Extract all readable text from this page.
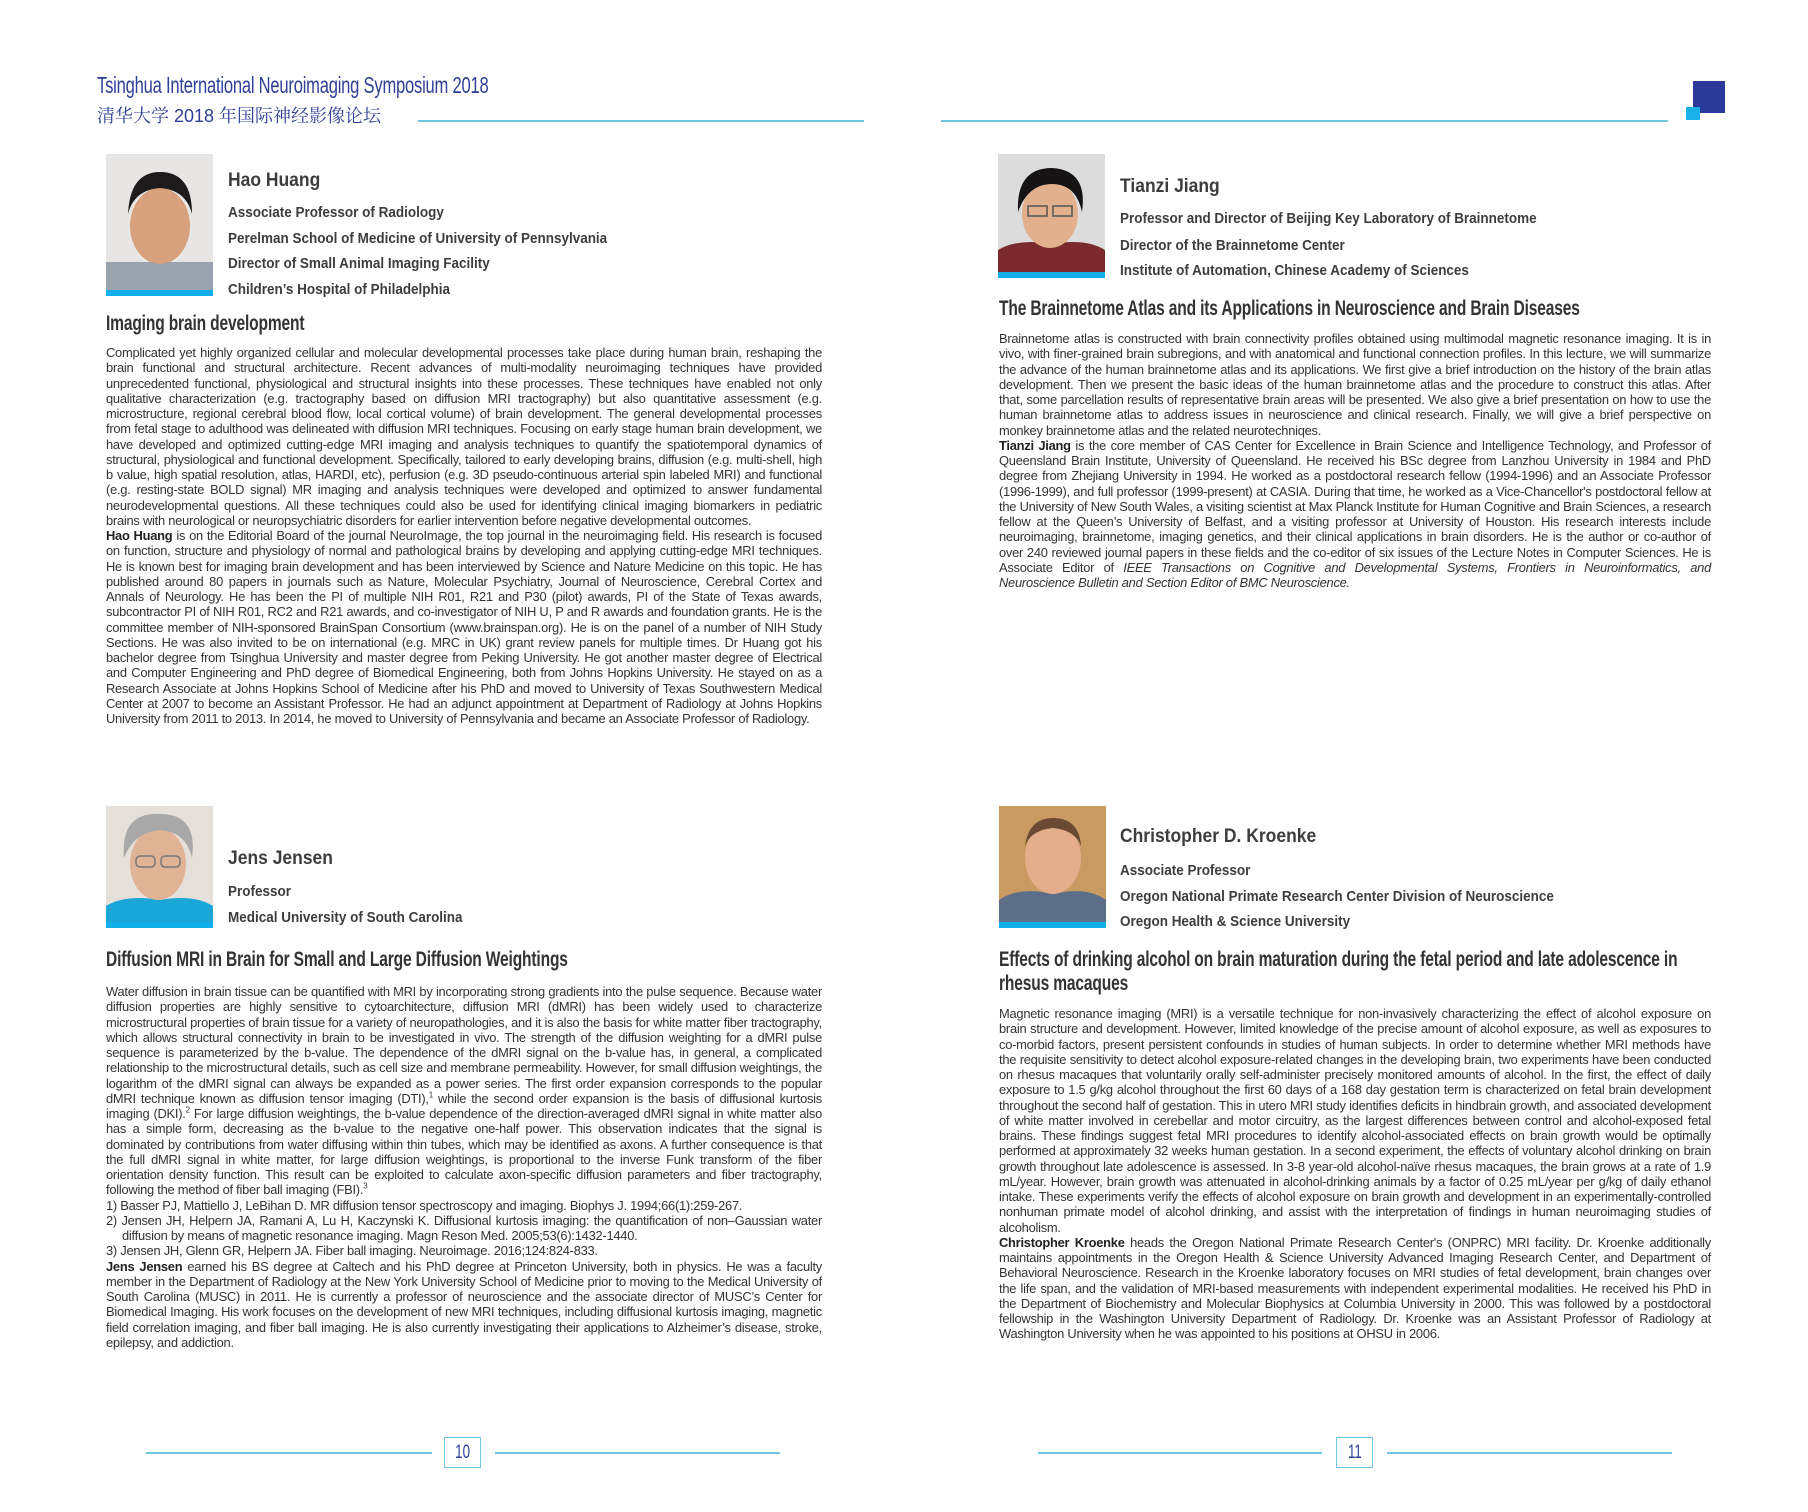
Tsinghua International Neuroimaging Symposium 2018
清华大学 2018 年国际神经影像论坛
Hao Huang
Associate Professor of Radiology
Perelman School of Medicine of University of Pennsylvania
Director of Small Animal Imaging Facility
Children’s Hospital of Philadelphia
Imaging brain development

Complicated yet highly organized cellular and molecular developmental processes take place during human brain, reshaping the brain functional and structural architecture. Recent advances of multi-modality neuroimaging techniques have provided unprecedented functional, physiological and structural insights into these processes. These techniques have enabled not only qualitative characterization (e.g. tractography based on diffusion MRI tractography) but also quantitative assessment (e.g. microstructure, regional cerebral blood flow, local cortical volume) of brain development. The general developmental processes from fetal stage to adulthood was delineated with diffusion MRI techniques. Focusing on early stage human brain development, we have developed and optimized cutting-edge MRI imaging and analysis techniques to quantify the spatiotemporal dynamics of structural, physiological and functional development. Specifically, tailored to early developing brains, diffusion (e.g. multi-shell, high b value, high spatial resolution, atlas, HARDI, etc), perfusion (e.g. 3D pseudo-continuous arterial spin labeled MRI) and functional (e.g. resting-state BOLD signal) MR imaging and analysis techniques were developed and optimized to answer fundamental neurodevelopmental questions. All these techniques could also be used for identifying clinical imaging biomarkers in pediatric brains with neurological or neuropsychiatric disorders for earlier intervention before negative developmental outcomes.

Hao Huang is on the Editorial Board of the journal NeuroImage, the top journal in the neuroimaging field. His research is focused on function, structure and physiology of normal and pathological brains by developing and applying cutting-edge MRI techniques. He is known best for imaging brain development and has been interviewed by Science and Nature Medicine on this topic. He has published around 80 papers in journals such as Nature, Molecular Psychiatry, Journal of Neuroscience, Cerebral Cortex and Annals of Neurology. He has been the PI of multiple NIH R01, R21 and P30 (pilot) awards, PI of the State of Texas awards, subcontractor PI of NIH R01, RC2 and R21 awards, and co-investigator of NIH U, P and R awards and foundation grants. He is the committee member of NIH-sponsored BrainSpan Consortium (www.brainspan.org). He is on the panel of a number of NIH Study Sections. He was also invited to be on international (e.g. MRC in UK) grant review panels for multiple times. Dr Huang got his bachelor degree from Tsinghua University and master degree from Peking University. He got another master degree of Electrical and Computer Engineering and PhD degree of Biomedical Engineering, both from Johns Hopkins University. He stayed on as a Research Associate at Johns Hopkins School of Medicine after his PhD and moved to University of Texas Southwestern Medical Center at 2007 to become an Assistant Professor. He had an adjunct appointment at Department of Radiology at Johns Hopkins University from 2011 to 2013. In 2014, he moved to University of Pennsylvania and became an Associate Professor of Radiology.

Tianzi Jiang
Professor and Director of Beijing Key Laboratory of Brainnetome
Director of the Brainnetome Center
Institute of Automation, Chinese Academy of Sciences
The Brainnetome Atlas and its Applications in Neuroscience and Brain Diseases

Brainnetome atlas is constructed with brain connectivity profiles obtained using multimodal magnetic resonance imaging. It is in vivo, with finer-grained brain subregions, and with anatomical and functional connection profiles. In this lecture, we will summarize the advance of the human brainnetome atlas and its applications. We first give a brief introduction on the history of the brain atlas development. Then we present the basic ideas of the human brainnetome atlas and the procedure to construct this atlas. After that, some parcellation results of representative brain areas will be presented. We also give a brief presentation on how to use the human brainnetome atlas to address issues in neuroscience and clinical research. Finally, we will give a brief perspective on monkey brainnetome atlas and the related neurotechniqes.

Tianzi Jiang is the core member of CAS Center for Excellence in Brain Science and Intelligence Technology, and Professor of Queensland Brain Institute, University of Queensland. He received his BSc degree from Lanzhou University in 1984 and PhD degree from Zhejiang University in 1994. He worked as a postdoctoral research fellow (1994-1996) and an Associate Professor (1996-1999), and full professor (1999-present) at CASIA. During that time, he worked as a Vice-Chancellor's postdoctoral fellow at the University of New South Wales, a visiting scientist at Max Planck Institute for Human Cognitive and Brain Sciences, a research fellow at the Queen’s University of Belfast, and a visiting professor at University of Houston. His research interests include neuroimaging, brainnetome, imaging genetics, and their clinical applications in brain disorders. He is the author or co-author of over 240 reviewed journal papers in these fields and the co-editor of six issues of the Lecture Notes in Computer Sciences. He is Associate Editor of IEEE Transactions on Cognitive and Developmental Systems, Frontiers in Neuroinformatics, and Neuroscience Bulletin and Section Editor of BMC Neuroscience.

Jens Jensen
Professor
Medical University of South Carolina
Diffusion MRI in Brain for Small and Large Diffusion Weightings

Water diffusion in brain tissue can be quantified with MRI by incorporating strong gradients into the pulse sequence. Because water diffusion properties are highly sensitive to cytoarchitecture, diffusion MRI (dMRI) has been widely used to characterize microstructural properties of brain tissue for a variety of neuropathologies, and it is also the basis for white matter fiber tractography, which allows structural connectivity in brain to be investigated in vivo. The strength of the diffusion weighting for a dMRI pulse sequence is parameterized by the b-value. The dependence of the dMRI signal on the b-value has, in general, a complicated relationship to the microstructural details, such as cell size and membrane permeability. However, for small diffusion weightings, the logarithm of the dMRI signal can always be expanded as a power series. The first order expansion corresponds to the popular dMRI technique known as diffusion tensor imaging (DTI),$^1$ while the second order expansion is the basis of diffusional kurtosis imaging (DKI).$^2$ For large diffusion weightings, the b-value dependence of the direction-averaged dMRI signal in white matter also has a simple form, decreasing as the b-value to the negative one-half power. This observation indicates that the signal is dominated by contributions from water diffusing within thin tubes, which may be identified as axons. A further consequence is that the full dMRI signal in white matter, for large diffusion weightings, is proportional to the inverse Funk transform of the fiber orientation density function. This result can be exploited to calculate axon-specific diffusion parameters and fiber tractography, following the method of fiber ball imaging (FBI).$^3$

1) Basser PJ, Mattiello J, LeBihan D. MR diffusion tensor spectroscopy and imaging. Biophys J. 1994;66(1):259-267.

2) Jensen JH, Helpern JA, Ramani A, Lu H, Kaczynski K. Diffusional kurtosis imaging: the quantification of non‒Gaussian water diffusion by means of magnetic resonance imaging. Magn Reson Med. 2005;53(6):1432-1440.

3) Jensen JH, Glenn GR, Helpern JA. Fiber ball imaging. Neuroimage. 2016;124:824-833.

Jens Jensen earned his BS degree at Caltech and his PhD degree at Princeton University, both in physics. He was a faculty member in the Department of Radiology at the New York University School of Medicine prior to moving to the Medical University of South Carolina (MUSC) in 2011. He is currently a professor of neuroscience and the associate director of MUSC’s Center for Biomedical Imaging. His work focuses on the development of new MRI techniques, including diffusional kurtosis imaging, magnetic field correlation imaging, and fiber ball imaging. He is also currently investigating their applications to Alzheimer’s disease, stroke, epilepsy, and addiction.

Christopher D. Kroenke
Associate Professor
Oregon National Primate Research Center Division of Neuroscience
Oregon Health & Science University
Effects of drinking alcohol on brain maturation during the fetal period and late adolescence in rhesus macaques

Magnetic resonance imaging (MRI) is a versatile technique for non-invasively characterizing the effect of alcohol exposure on brain structure and development. However, limited knowledge of the precise amount of alcohol exposure, as well as exposures to co-morbid factors, present persistent confounds in studies of human subjects. In order to determine whether MRI methods have the requisite sensitivity to detect alcohol exposure-related changes in the developing brain, two experiments have been conducted on rhesus macaques that voluntarily orally self-administer precisely monitored amounts of alcohol. In the first, the effect of daily exposure to 1.5 g/kg alcohol throughout the first 60 days of a 168 day gestation term is characterized on fetal brain development throughout the second half of gestation. This in utero MRI study identifies deficits in hindbrain growth, and associated development of white matter involved in cerebellar and motor circuitry, as the largest differences between control and alcohol-exposed fetal brains. These findings suggest fetal MRI procedures to identify alcohol-associated effects on brain growth would be optimally performed at approximately 32 weeks human gestation. In a second experiment, the effects of voluntary alcohol drinking on brain growth throughout late adolescence is assessed. In 3-8 year-old alcohol-naïve rhesus macaques, the brain grows at a rate of 1.9 mL/year. However, brain growth was attenuated in alcohol-drinking animals by a factor of 0.25 mL/year per g/kg of daily ethanol intake. These experiments verify the effects of alcohol exposure on brain growth and development in an experimentally-controlled nonhuman primate model of alcohol drinking, and assist with the interpretation of findings in human neuroimaging studies of alcoholism.

Christopher Kroenke heads the Oregon National Primate Research Center's (ONPRC) MRI facility. Dr. Kroenke additionally maintains appointments in the Oregon Health & Science University Advanced Imaging Research Center, and Department of Behavioral Neuroscience. Research in the Kroenke laboratory focuses on MRI studies of fetal development, brain changes over the life span, and the validation of MRI-based measurements with independent experimental modalities. He received his PhD in the Department of Biochemistry and Molecular Biophysics at Columbia University in 2000. This was followed by a postdoctoral fellowship in the Washington University Department of Radiology. Dr. Kroenke was an Assistant Professor of Radiology at Washington University when he was appointed to his positions at OHSU in 2006.

10	11
